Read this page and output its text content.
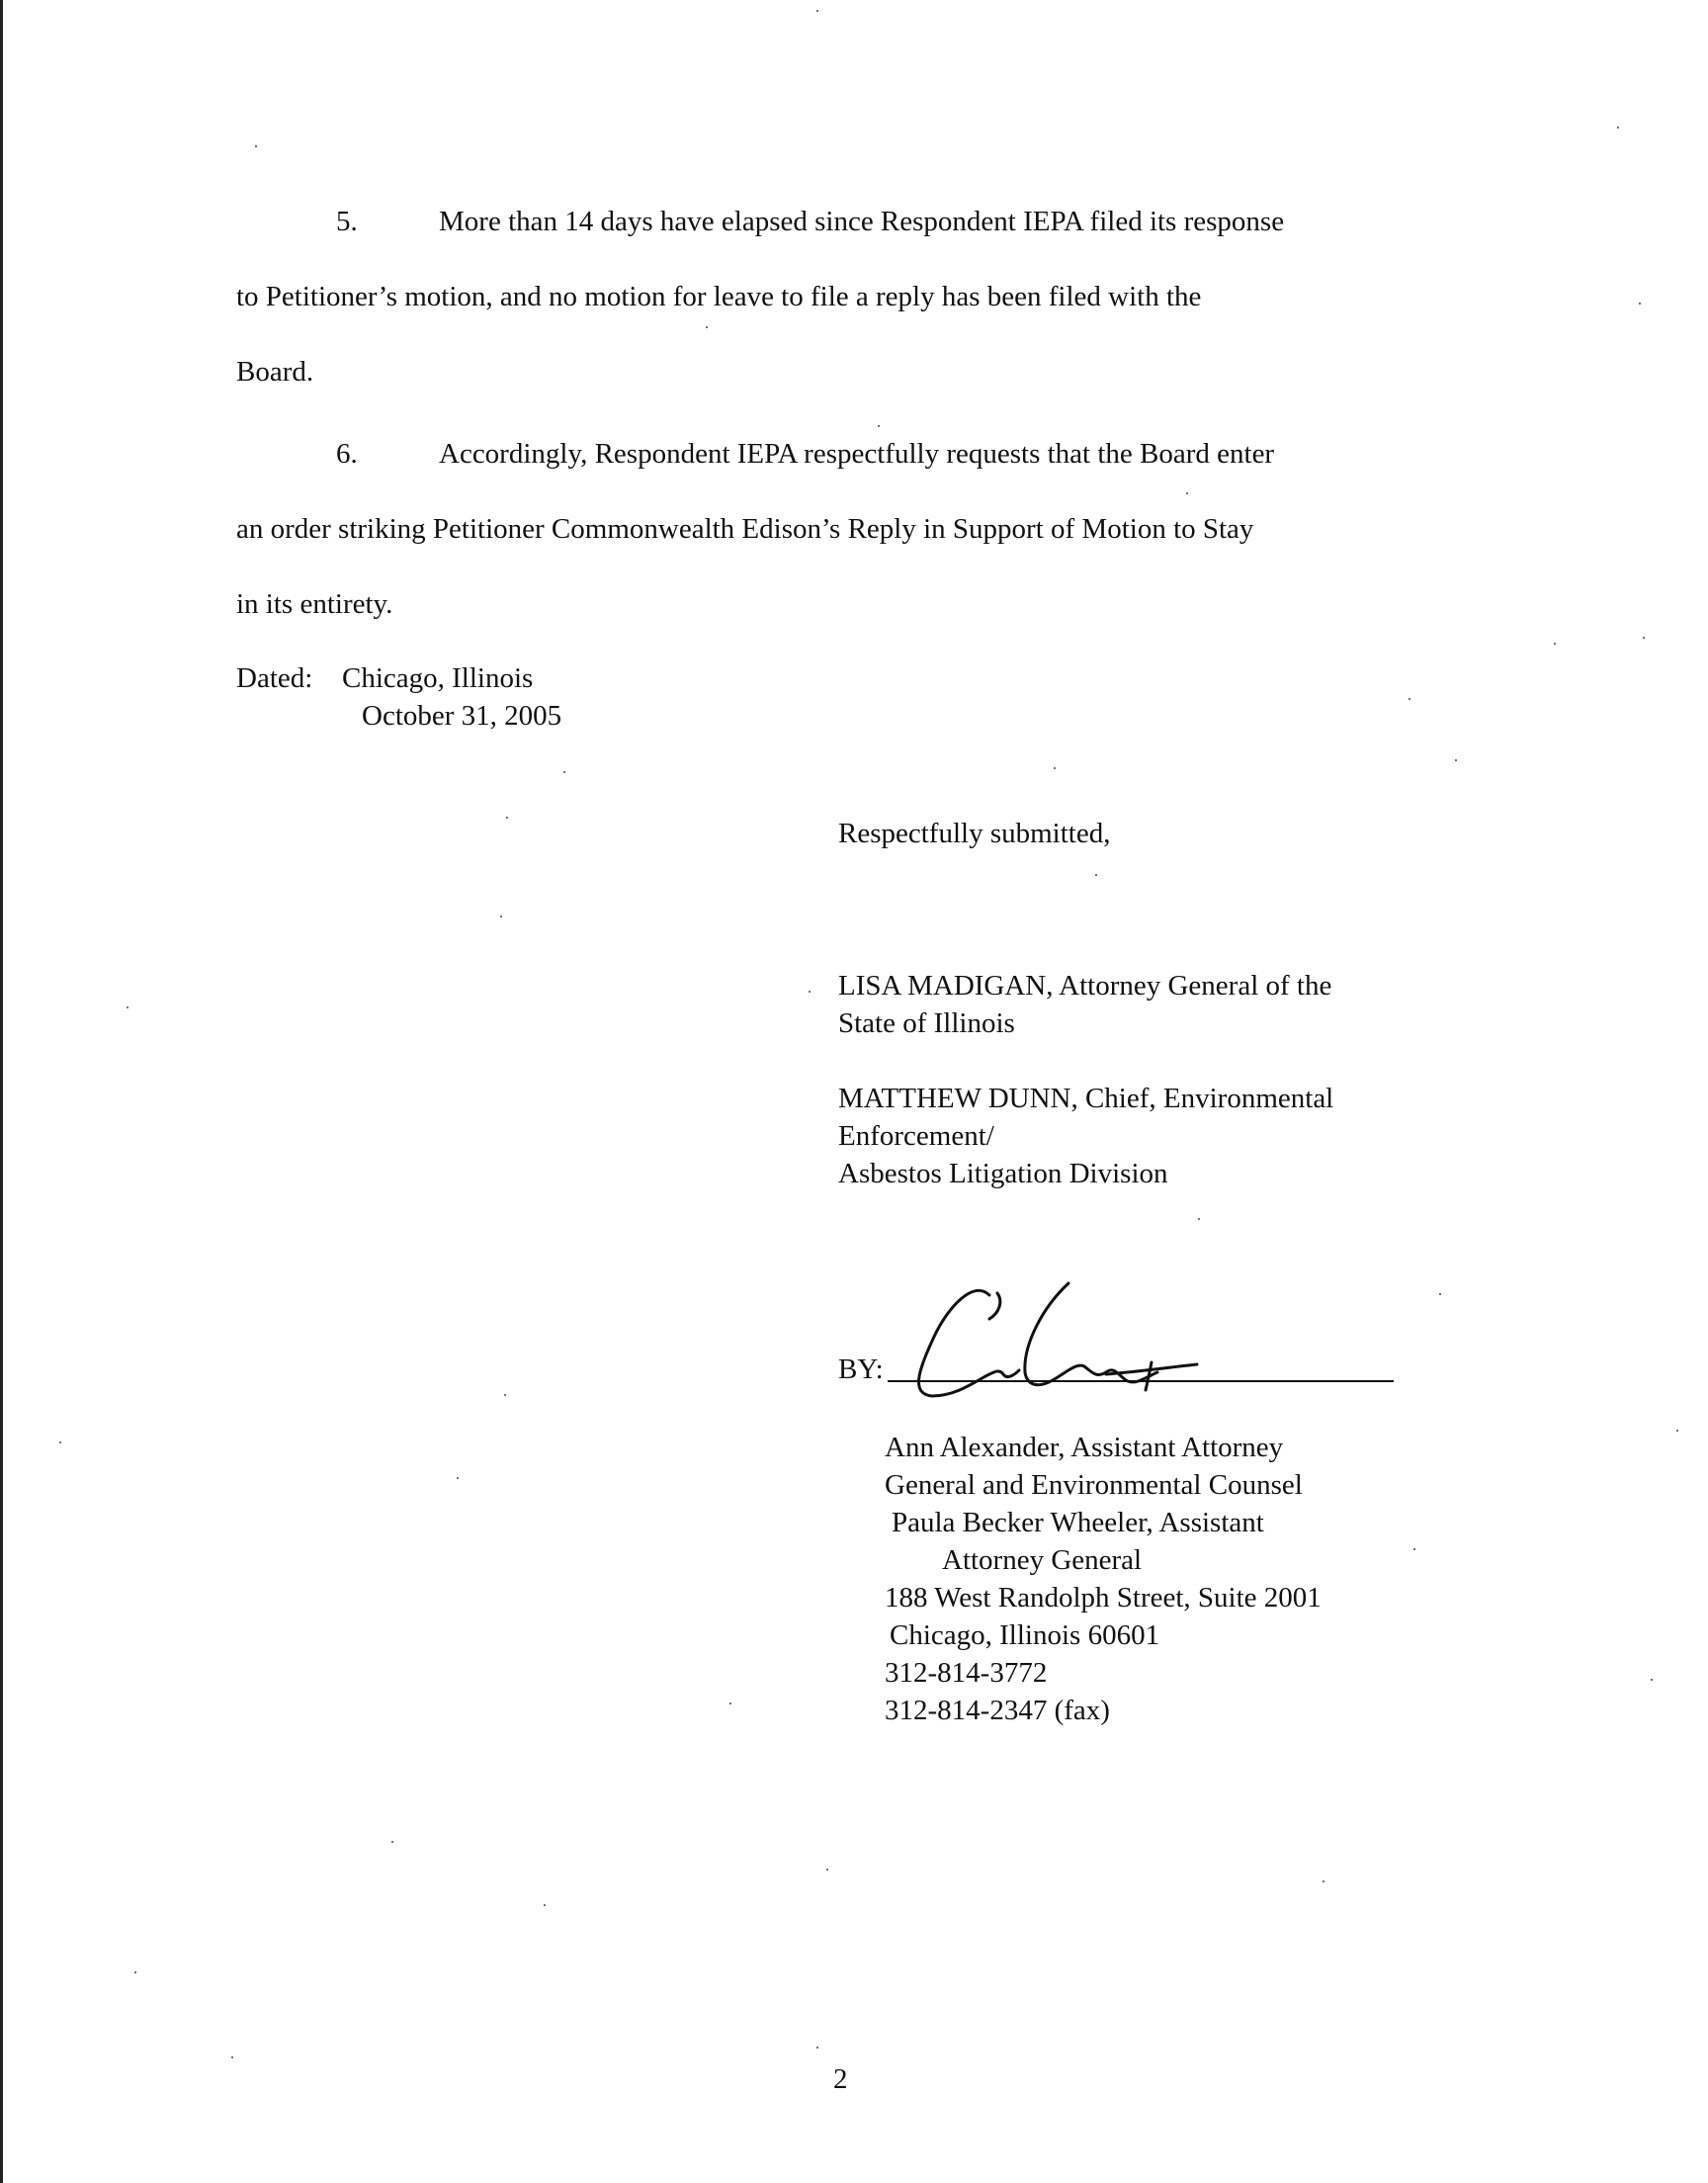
5.	More than 14 days have elapsed since Respondent IEPA filed its response
to Petitioner’s motion, and no motion for leave to file a reply has been filed with the
Board.
6.	Accordingly, Respondent IEPA respectfully requests that the Board enter
an order striking Petitioner Commonwealth Edison’s Reply in Support of Motion to Stay
in its entirety.
Dated: Chicago, Illinois
October 31, 2005
Respectfully submitted,
LISA MADIGAN, Attorney General of the
State of Illinois
MATTHEW DUNN, Chief, Environmental
Enforcement/
Asbestos Litigation Division
BY:
Ann Alexander, Assistant Attorney
General and Environmental Counsel
Paula Becker Wheeler, Assistant
Attorney General
188 West Randolph Street, Suite 2001
Chicago, Illinois 60601
312-814-3772
312-814-2347 (fax)
2
